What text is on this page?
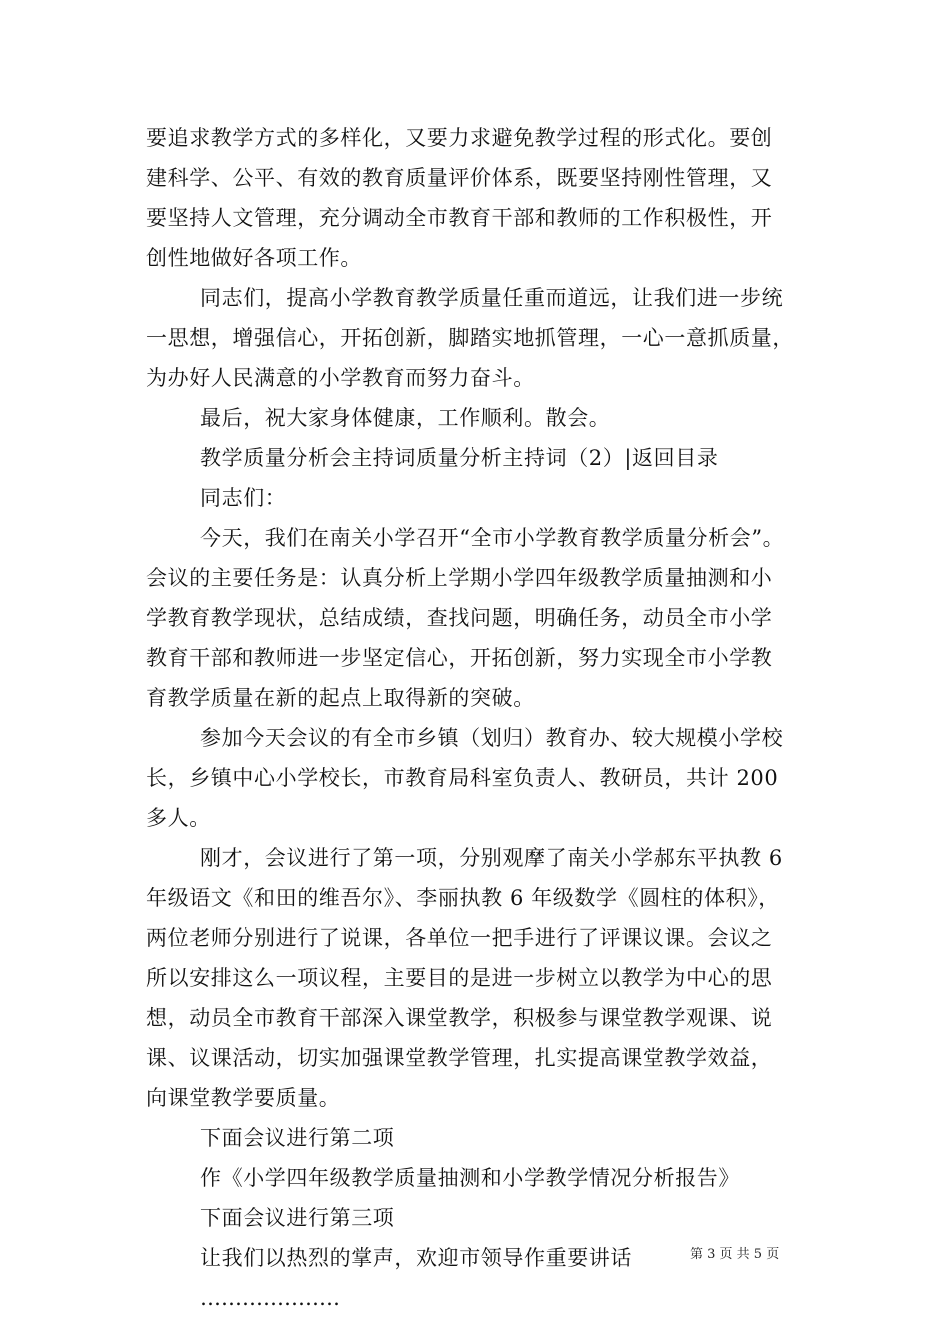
要追求教学方式的多样化，又要力求避免教学过程的形式化。要创
建科学、公平、有效的教育质量评价体系，既要坚持刚性管理，又
要坚持人文管理，充分调动全市教育干部和教师的工作积极性，开
创性地做好各项工作。
同志们，提高小学教育教学质量任重而道远，让我们进一步统
一思想，增强信心，开拓创新，脚踏实地抓管理，一心一意抓质量，
为办好人民满意的小学教育而努力奋斗。
最后，祝大家身体健康，工作顺利。散会。
教学质量分析会主持词质量分析主持词（2）|返回目录
同志们：
今天，我们在南关小学召开“全市小学教育教学质量分析会”。
会议的主要任务是：认真分析上学期小学四年级教学质量抽测和小
学教育教学现状，总结成绩，查找问题，明确任务，动员全市小学
教育干部和教师进一步坚定信心，开拓创新，努力实现全市小学教
育教学质量在新的起点上取得新的突破。
参加今天会议的有全市乡镇（划归）教育办、较大规模小学校
长，乡镇中心小学校长，市教育局科室负责人、教研员，共计 200
多人。
刚才，会议进行了第一项，分别观摩了南关小学郝东平执教 6
年级语文《和田的维吾尔》、李丽执教 6 年级数学《圆柱的体积》，
两位老师分别进行了说课，各单位一把手进行了评课议课。会议之
所以安排这么一项议程，主要目的是进一步树立以教学为中心的思
想，动员全市教育干部深入课堂教学，积极参与课堂教学观课、说
课、议课活动，切实加强课堂教学管理，扎实提高课堂教学效益，
向课堂教学要质量。
下面会议进行第二项
作《小学四年级教学质量抽测和小学教学情况分析报告》
下面会议进行第三项
让我们以热烈的掌声，欢迎市领导作重要讲话
………………‥
第 3 页 共 5 页
